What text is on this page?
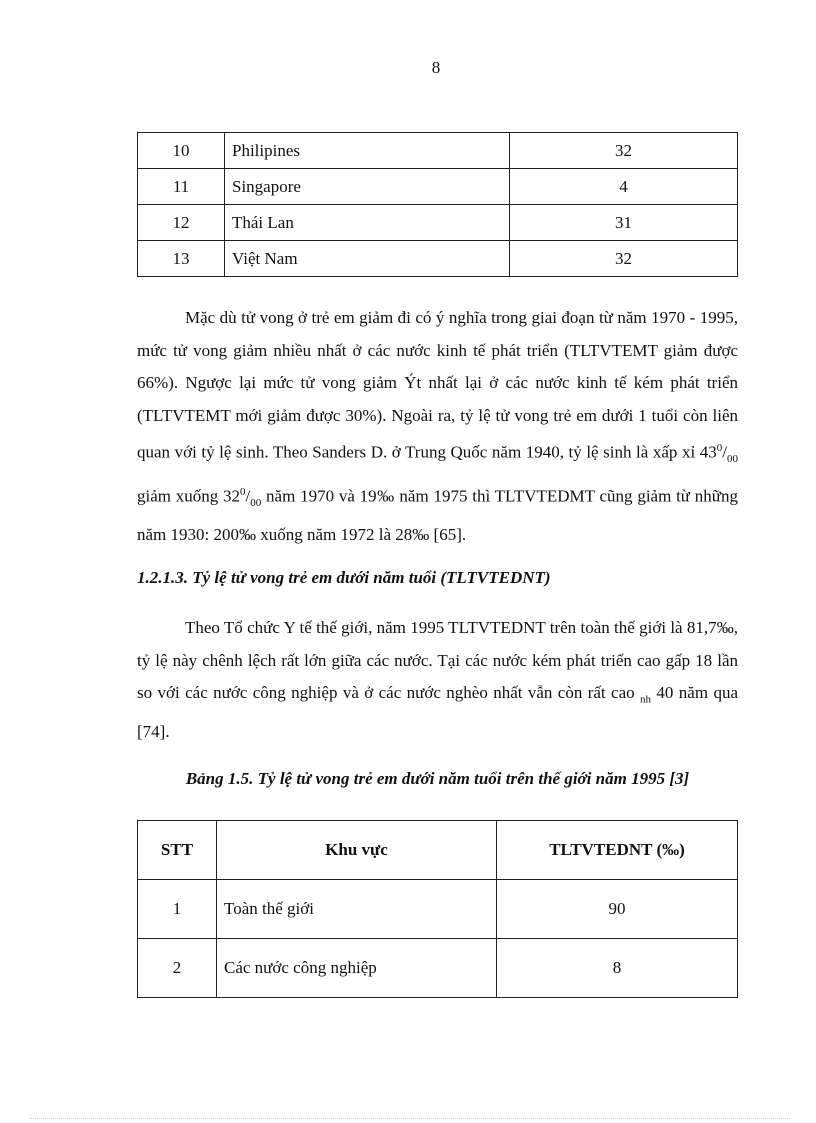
8
10	Philipines	32
11	Singapore	4
12	Thái Lan	31
13	Việt Nam	32

Mặc dù tử vong ở trẻ em giảm đi có ý nghĩa trong giai đoạn từ năm 1970 - 1995, mức tử vong giảm nhiều nhất ở các nước kinh tế phát triển (TLTVTEMT giảm được 66%). Ngược lại mức tử vong giảm Ýt nhất lại ở các nước kinh tế kém phát triển (TLTVTEMT mới giảm được 30%). Ngoài ra, tỷ lệ tử vong trẻ em dưới 1 tuổi còn liên quan với tỷ lệ sinh. Theo Sanders D. ở Trung Quốc năm 1940, tỷ lệ sinh là xấp xỉ $43^0/_{00}$ giảm xuống $32^0/_{00}$ năm 1970 và 19‰ năm 1975 thì TLTVTEDMT cũng giảm từ những năm 1930: 200‰ xuống năm 1972 là 28‰ [65].

1.2.1.3. Tỷ lệ tử vong trẻ em dưới năm tuổi (TLTVTEDNT)

Theo Tổ chức Y tế thế giới, năm 1995 TLTVTEDNT trên toàn thế giới là 81,7‰, tỷ lệ này chênh lệch rất lớn giữa các nước. Tại các nước kém phát triển cao gấp 18 lần so với các nước công nghiệp và ở các nước nghèo nhất vẫn còn rất cao $_{nh}$ 40 năm qua [74].

Bảng 1.5. Tỷ lệ tử vong trẻ em dưới năm tuổi trên thế giới năm 1995 [3]

STT	Khu vực	TLTVTEDNT (‰)
1	Toàn thế giới	90
2	Các nước công nghiệp	8
